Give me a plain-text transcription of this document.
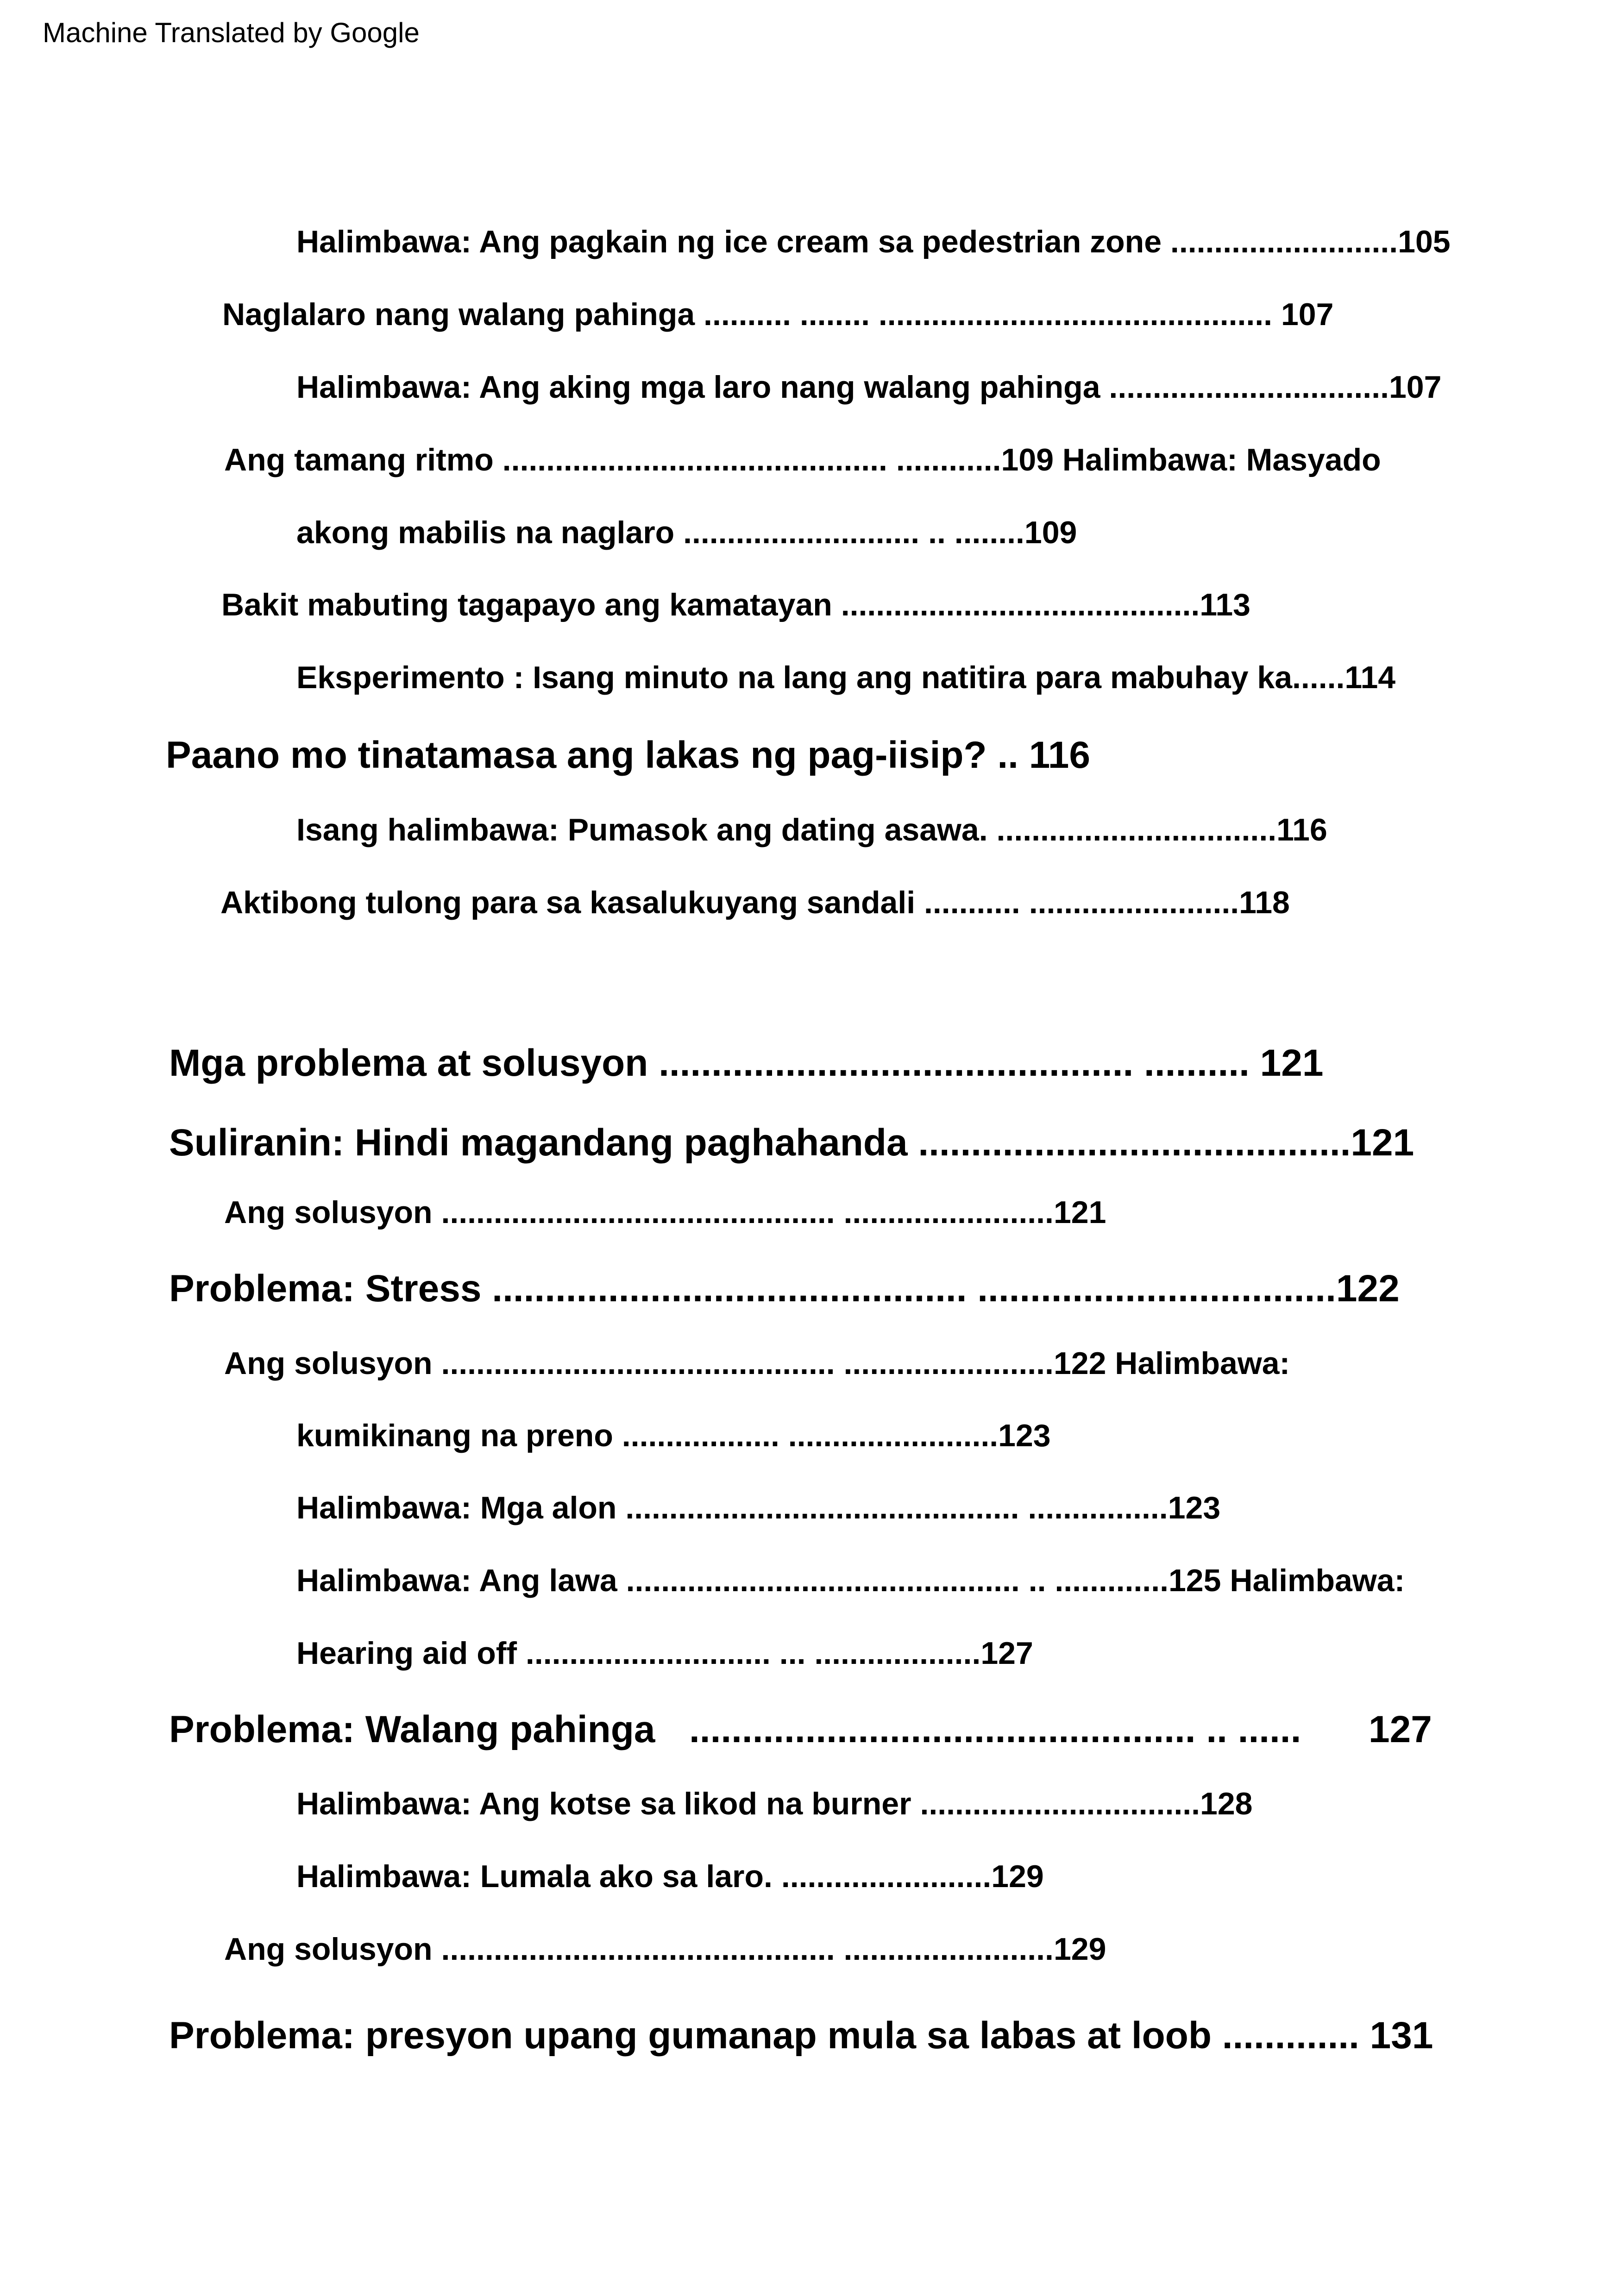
Machine Translated by Google
Halimbawa: Ang pagkain ng ice cream sa pedestrian zone ..........................105
Naglalaro nang walang pahinga .......... ........ ............................................. 107
Halimbawa: Ang aking mga laro nang walang pahinga ................................107
Ang tamang ritmo ............................................ ............109 Halimbawa: Masyado
akong mabilis na naglaro ........................... .. ........109
Bakit mabuting tagapayo ang kamatayan .........................................113
Eksperimento : Isang minuto na lang ang natitira para mabuhay ka......114
Paano mo tinatamasa ang lakas ng pag-iisip? .. 116
Isang halimbawa: Pumasok ang dating asawa. ................................116
Aktibong tulong para sa kasalukuyang sandali ........... ........................118
Mga problema at solusyon ............................................. .......... 121
Suliranin: Hindi magandang paghahanda .........................................121
Ang solusyon ............................................. ........................121
Problema: Stress ............................................. ..................................122
Ang solusyon ............................................. ........................122 Halimbawa:
kumikinang na preno .................. ........................123
Halimbawa: Mga alon ............................................. ................123
Halimbawa: Ang lawa ............................................. .. .............125 Halimbawa:
Hearing aid off ............................ ... ...................127
Problema: Walang pahinga ................................................ .. ...... 127
Halimbawa: Ang kotse sa likod na burner ................................128
Halimbawa: Lumala ako sa laro. ........................129
Ang solusyon ............................................. ........................129
Problema: presyon upang gumanap mula sa labas at loob ............. 131
